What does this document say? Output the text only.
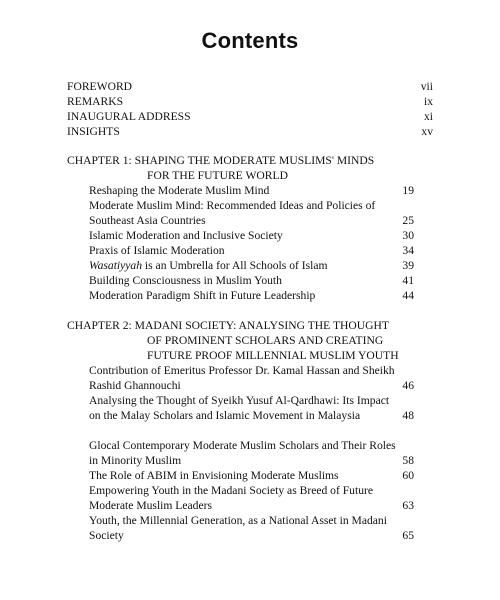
Contents
FOREWORD	vii
REMARKS	ix
INAUGURAL ADDRESS	xi
INSIGHTS	xv
CHAPTER 1: SHAPING THE MODERATE MUSLIMS' MINDS
FOR THE FUTURE WORLD
Reshaping the Moderate Muslim Mind	19
Moderate Muslim Mind: Recommended Ideas and Policies of Southeast Asia Countries	25
Islamic Moderation and Inclusive Society	30
Praxis of Islamic Moderation	34
Wasatiyyah is an Umbrella for All Schools of Islam	39
Building Consciousness in Muslim Youth	41
Moderation Paradigm Shift in Future Leadership	44
CHAPTER 2: MADANI SOCIETY: ANALYSING THE THOUGHT
OF PROMINENT SCHOLARS AND CREATING
FUTURE PROOF MILLENNIAL MUSLIM YOUTH
Contribution of Emeritus Professor Dr. Kamal Hassan and Sheikh Rashid Ghannouchi	46
Analysing the Thought of Syeikh Yusuf Al-Qardhawi: Its Impact on the Malay Scholars and Islamic Movement in Malaysia	48
Glocal Contemporary Moderate Muslim Scholars and Their Roles in Minority Muslim	58
The Role of ABIM in Envisioning Moderate Muslims	60
Empowering Youth in the Madani Society as Breed of Future Moderate Muslim Leaders	63
Youth, the Millennial Generation, as a National Asset in Madani Society	65
